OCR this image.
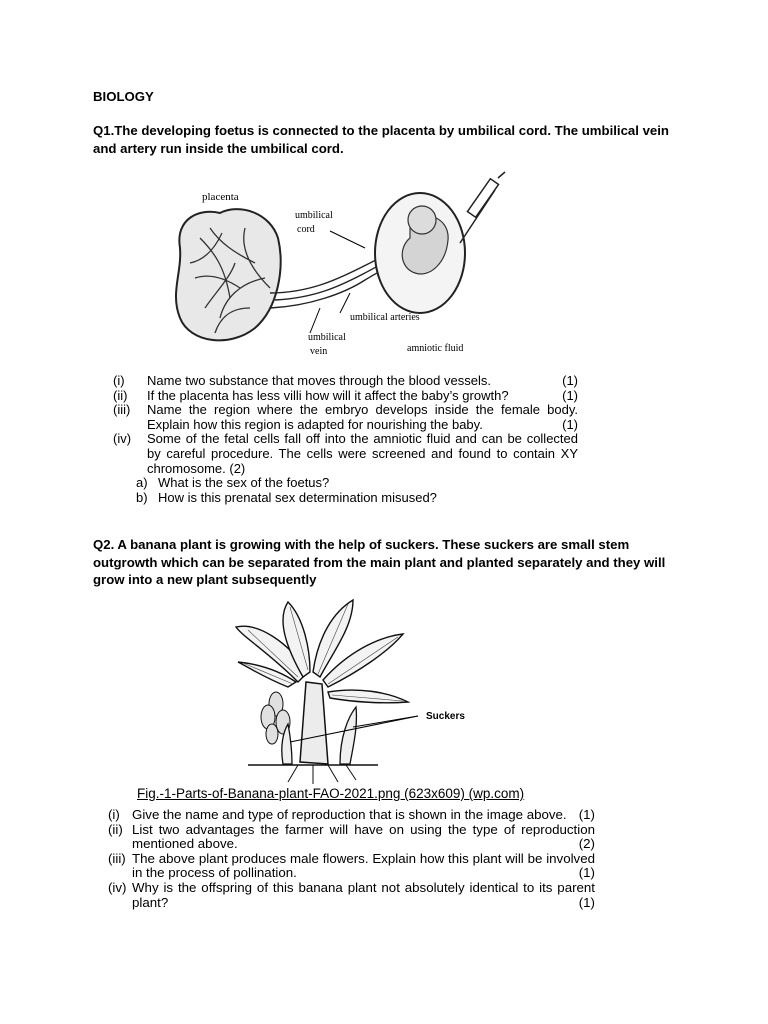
BIOLOGY
Q1.The developing foetus is connected to the placenta by umbilical cord. The umbilical vein and artery run inside the umbilical cord.
placenta
umbilical
cord
umbilical arteries
umbilical
vein	amniotic fluid
(i)	Name two substance that moves through the blood vessels.	(1)
(ii)	If the placenta has less villi how will it affect the baby’s growth?	(1)
(iii)	Name the region where the embryo develops inside the female body. Explain how this region is adapted for nourishing the baby.	(1)
(iv)	Some of the fetal cells fall off into the amniotic fluid and can be collected by careful procedure. The cells were screened and found to contain XY chromosome. (2)
a) What is the sex of the foetus?
b) How is this prenatal sex determination misused?
Q2. A banana plant is growing with the help of suckers. These suckers are small stem outgrowth which can be separated from the main plant and planted separately and they will grow into a new plant subsequently
Suckers
Fig.-1-Parts-of-Banana-plant-FAO-2021.png (623x609) (wp.com)
(i) Give the name and type of reproduction that is shown in the image above. (1)
(ii) List two advantages the farmer will have on using the type of reproduction mentioned above.	(2)
(iii) The above plant produces male flowers. Explain how this plant will be involved in the process of pollination.	(1)
(iv) Why is the offspring of this banana plant not absolutely identical to its parent plant?	(1)
